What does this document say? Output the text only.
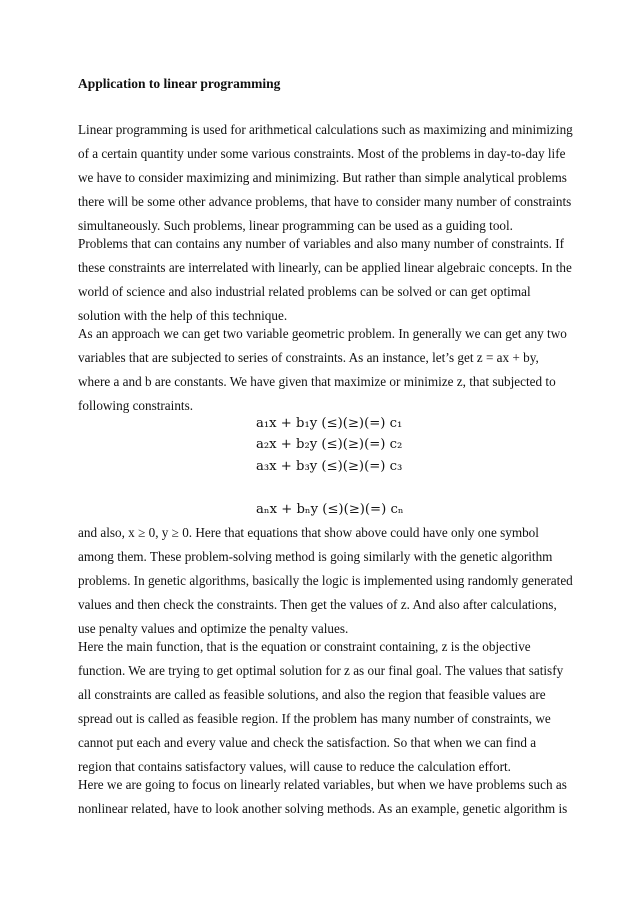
Application to linear programming
Linear programming is used for arithmetical calculations such as maximizing and minimizing
of a certain quantity under some various constraints. Most of the problems in day-to-day life
we have to consider maximizing and minimizing. But rather than simple analytical problems
there will be some other advance problems, that have to consider many number of constraints
simultaneously. Such problems, linear programming can be used as a guiding tool.
Problems that can contains any number of variables and also many number of constraints. If
these constraints are interrelated with linearly, can be applied linear algebraic concepts. In the
world of science and also industrial related problems can be solved or can get optimal
solution with the help of this technique.
As an approach we can get two variable geometric problem. In generally we can get any two
variables that are subjected to series of constraints. As an instance, let’s get z = ax + by,
where a and b are constants. We have given that maximize or minimize z, that subjected to
following constraints.
a₁x + b₁y (≤)(≥)(=) c₁
a₂x + b₂y (≤)(≥)(=) c₂
a₃x + b₃y (≤)(≥)(=) c₃
aₙx + bₙy (≤)(≥)(=) cₙ
and also, x ≥ 0, y ≥ 0. Here that equations that show above could have only one symbol
among them. These problem-solving method is going similarly with the genetic algorithm
problems. In genetic algorithms, basically the logic is implemented using randomly generated
values and then check the constraints. Then get the values of z. And also after calculations,
use penalty values and optimize the penalty values.
Here the main function, that is the equation or constraint containing, z is the objective
function. We are trying to get optimal solution for z as our final goal. The values that satisfy
all constraints are called as feasible solutions, and also the region that feasible values are
spread out is called as feasible region. If the problem has many number of constraints, we
cannot put each and every value and check the satisfaction. So that when we can find a
region that contains satisfactory values, will cause to reduce the calculation effort.
Here we are going to focus on linearly related variables, but when we have problems such as
nonlinear related, have to look another solving methods. As an example, genetic algorithm is
